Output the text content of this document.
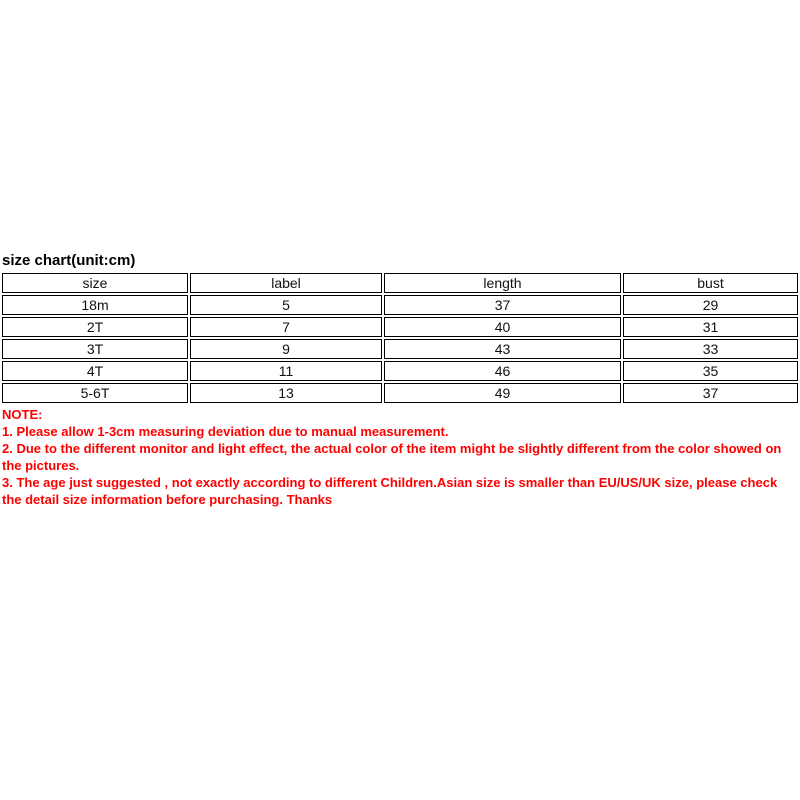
size chart(unit:cm)
size	label	length	bust
18m	5	37	29
2T	7	40	31
3T	9	43	33
4T	11	46	35
5-6T	13	49	37
NOTE:
1. Please allow 1-3cm measuring deviation due to manual measurement.
2. Due to the different monitor and light effect, the actual color of the item might be slightly different from the color showed on the pictures.
3. The age just suggested , not exactly according to different Children.Asian size is smaller than EU/US/UK size, please check the detail size information before purchasing. Thanks
